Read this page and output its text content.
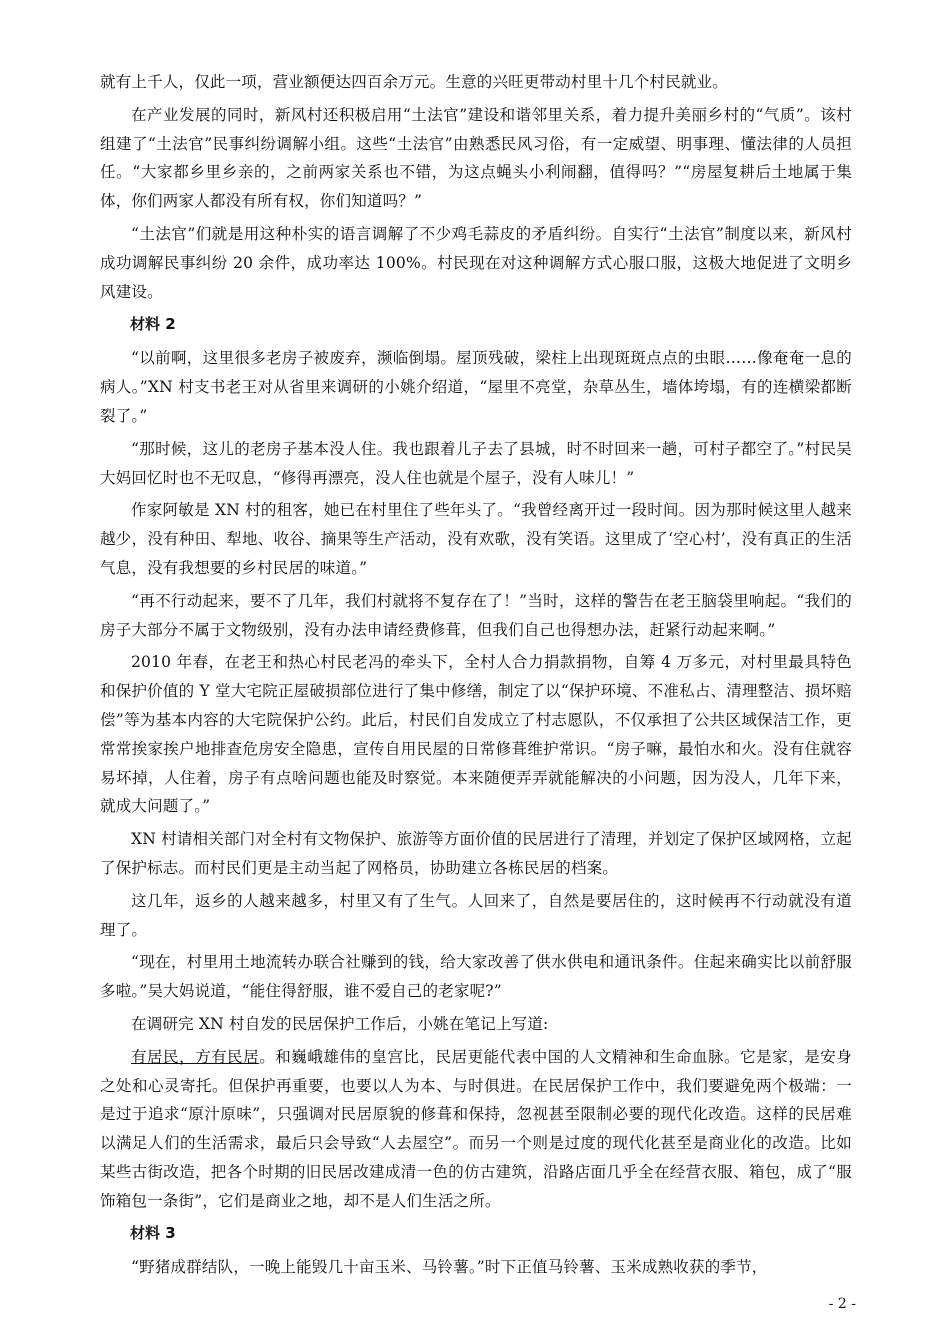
就有上千人，仅此一项，营业额便达四百余万元。生意的兴旺更带动村里十几个村民就业。

在产业发展的同时，新风村还积极启用“土法官”建设和谐邻里关系，着力提升美丽乡村的“气质”。该村组建了“土法官”民事纠纷调解小组。这些“土法官”由熟悉民风习俗，有一定威望、明事理、懂法律的人员担任。“大家都乡里乡亲的，之前两家关系也不错，为这点蝇头小利闹翻，值得吗？”“房屋复耕后土地属于集体，你们两家人都没有所有权，你们知道吗？”

“土法官”们就是用这种朴实的语言调解了不少鸡毛蒜皮的矛盾纠纷。自实行“土法官”制度以来，新风村成功调解民事纠纷 20 余件，成功率达 100%。村民现在对这种调解方式心服口服，这极大地促进了文明乡风建设。

材料 2

“以前啊，这里很多老房子被废弃，濒临倒塌。屋顶残破，梁柱上出现斑斑点点的虫眼……像奄奄一息的病人。”XN 村支书老王对从省里来调研的小姚介绍道，“屋里不亮堂，杂草丛生，墙体垮塌，有的连横梁都断裂了。”

“那时候，这儿的老房子基本没人住。我也跟着儿子去了县城，时不时回来一趟，可村子都空了。”村民吴大妈回忆时也不无叹息，“修得再漂亮，没人住也就是个屋子，没有人味儿！”

作家阿敏是 XN 村的租客，她已在村里住了些年头了。“我曾经离开过一段时间。因为那时候这里人越来越少，没有种田、犁地、收谷、摘果等生产活动，没有欢歌，没有笑语。这里成了‘空心村’，没有真正的生活气息，没有我想要的乡村民居的味道。”

“再不行动起来，要不了几年，我们村就将不复存在了！”当时，这样的警告在老王脑袋里响起。“我们的房子大部分不属于文物级别，没有办法申请经费修葺，但我们自己也得想办法，赶紧行动起来啊。”

2010 年春，在老王和热心村民老冯的牵头下，全村人合力捐款捐物，自筹 4 万多元，对村里最具特色和保护价值的 Y 堂大宅院正屋破损部位进行了集中修缮，制定了以“保护环境、不准私占、清理整洁、损坏赔偿”等为基本内容的大宅院保护公约。此后，村民们自发成立了村志愿队，不仅承担了公共区域保洁工作，更常常挨家挨户地排查危房安全隐患，宣传自用民屋的日常修葺维护常识。“房子嘛，最怕水和火。没有住就容易坏掉，人住着，房子有点啥问题也能及时察觉。本来随便弄弄就能解决的小问题，因为没人，几年下来，就成大问题了。”

XN 村请相关部门对全村有文物保护、旅游等方面价值的民居进行了清理，并划定了保护区域网格，立起了保护标志。而村民们更是主动当起了网格员，协助建立各栋民居的档案。

这几年，返乡的人越来越多，村里又有了生气。人回来了，自然是要居住的，这时候再不行动就没有道理了。

“现在，村里用土地流转办联合社赚到的钱，给大家改善了供水供电和通讯条件。住起来确实比以前舒服多啦。”吴大妈说道，“能住得舒服，谁不爱自己的老家呢?”

在调研完 XN 村自发的民居保护工作后，小姚在笔记上写道:

有居民，方有民居。和巍峨雄伟的皇宫比，民居更能代表中国的人文精神和生命血脉。它是家，是安身之处和心灵寄托。但保护再重要，也要以人为本、与时俱进。在民居保护工作中，我们要避免两个极端：一是过于追求“原汁原味”，只强调对民居原貌的修葺和保持，忽视甚至限制必要的现代化改造。这样的民居难以满足人们的生活需求，最后只会导致“人去屋空”。而另一个则是过度的现代化甚至是商业化的改造。比如某些古街改造，把各个时期的旧民居改建成清一色的仿古建筑，沿路店面几乎全在经营衣服、箱包，成了“服饰箱包一条街”，它们是商业之地，却不是人们生活之所。

材料 3

“野猪成群结队，一晚上能毁几十亩玉米、马铃薯。”时下正值马铃薯、玉米成熟收获的季节，

- 2 -
